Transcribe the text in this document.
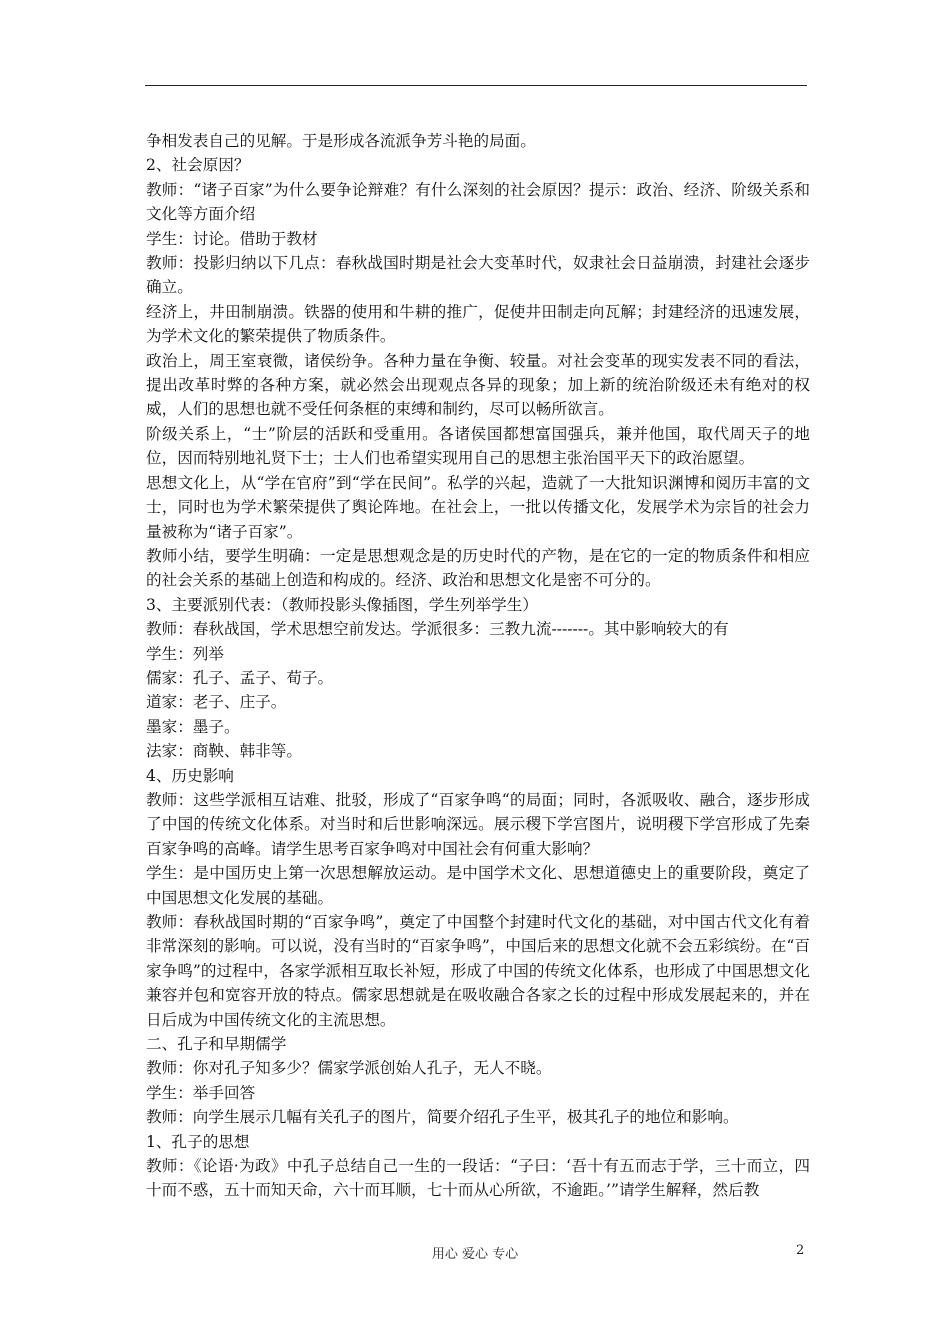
争相发表自己的见解。于是形成各流派争芳斗艳的局面。

2、社会原因？

教师：“诸子百家”为什么要争论辩难？有什么深刻的社会原因？提示：政治、经济、阶级关系和文化等方面介绍

学生：讨论。借助于教材

教师：投影归纳以下几点：春秋战国时期是社会大变革时代，奴隶社会日益崩溃，封建社会逐步确立。

经济上，井田制崩溃。铁器的使用和牛耕的推广，促使井田制走向瓦解；封建经济的迅速发展，为学术文化的繁荣提供了物质条件。

政治上，周王室衰微，诸侯纷争。各种力量在争衡、较量。对社会变革的现实发表不同的看法，提出改革时弊的各种方案，就必然会出现观点各异的现象；加上新的统治阶级还未有绝对的权威，人们的思想也就不受任何条框的束缚和制约，尽可以畅所欲言。

阶级关系上，“士”阶层的活跃和受重用。各诸侯国都想富国强兵，兼并他国，取代周天子的地位，因而特别地礼贤下士；士人们也希望实现用自己的思想主张治国平天下的政治愿望。

思想文化上，从“学在官府”到“学在民间”。私学的兴起，造就了一大批知识渊博和阅历丰富的文士，同时也为学术繁荣提供了舆论阵地。在社会上，一批以传播文化，发展学术为宗旨的社会力量被称为“诸子百家”。

教师小结，要学生明确：一定是思想观念是的历史时代的产物，是在它的一定的物质条件和相应的社会关系的基础上创造和构成的。经济、政治和思想文化是密不可分的。

3、主要派别代表：（教师投影头像插图，学生列举学生）

教师：春秋战国，学术思想空前发达。学派很多：三教九流-------。其中影响较大的有

学生：列举

儒家：孔子、孟子、荀子。

道家：老子、庄子。

墨家：墨子。

法家：商鞅、韩非等。

4、历史影响

教师：这些学派相互诘难、批驳，形成了“百家争鸣“的局面；同时，各派吸收、融合，逐步形成了中国的传统文化体系。对当时和后世影响深远。展示稷下学宫图片，说明稷下学宫形成了先秦百家争鸣的高峰。请学生思考百家争鸣对中国社会有何重大影响？

学生：是中国历史上第一次思想解放运动。是中国学术文化、思想道德史上的重要阶段，奠定了中国思想文化发展的基础。

教师：春秋战国时期的“百家争鸣”，奠定了中国整个封建时代文化的基础，对中国古代文化有着非常深刻的影响。可以说，没有当时的“百家争鸣”，中国后来的思想文化就不会五彩缤纷。在“百家争鸣”的过程中，各家学派相互取长补短，形成了中国的传统文化体系，也形成了中国思想文化兼容并包和宽容开放的特点。儒家思想就是在吸收融合各家之长的过程中形成发展起来的，并在日后成为中国传统文化的主流思想。

二、孔子和早期儒学

教师：你对孔子知多少？儒家学派创始人孔子，无人不晓。

学生：举手回答

教师：向学生展示几幅有关孔子的图片，简要介绍孔子生平，极其孔子的地位和影响。

1、孔子的思想

教师：《论语·为政》中孔子总结自己一生的一段话：“子曰：‘吾十有五而志于学，三十而立，四十而不惑，五十而知天命，六十而耳顺，七十而从心所欲，不逾距。’”请学生解释，然后教

用心 爱心 专心	2
